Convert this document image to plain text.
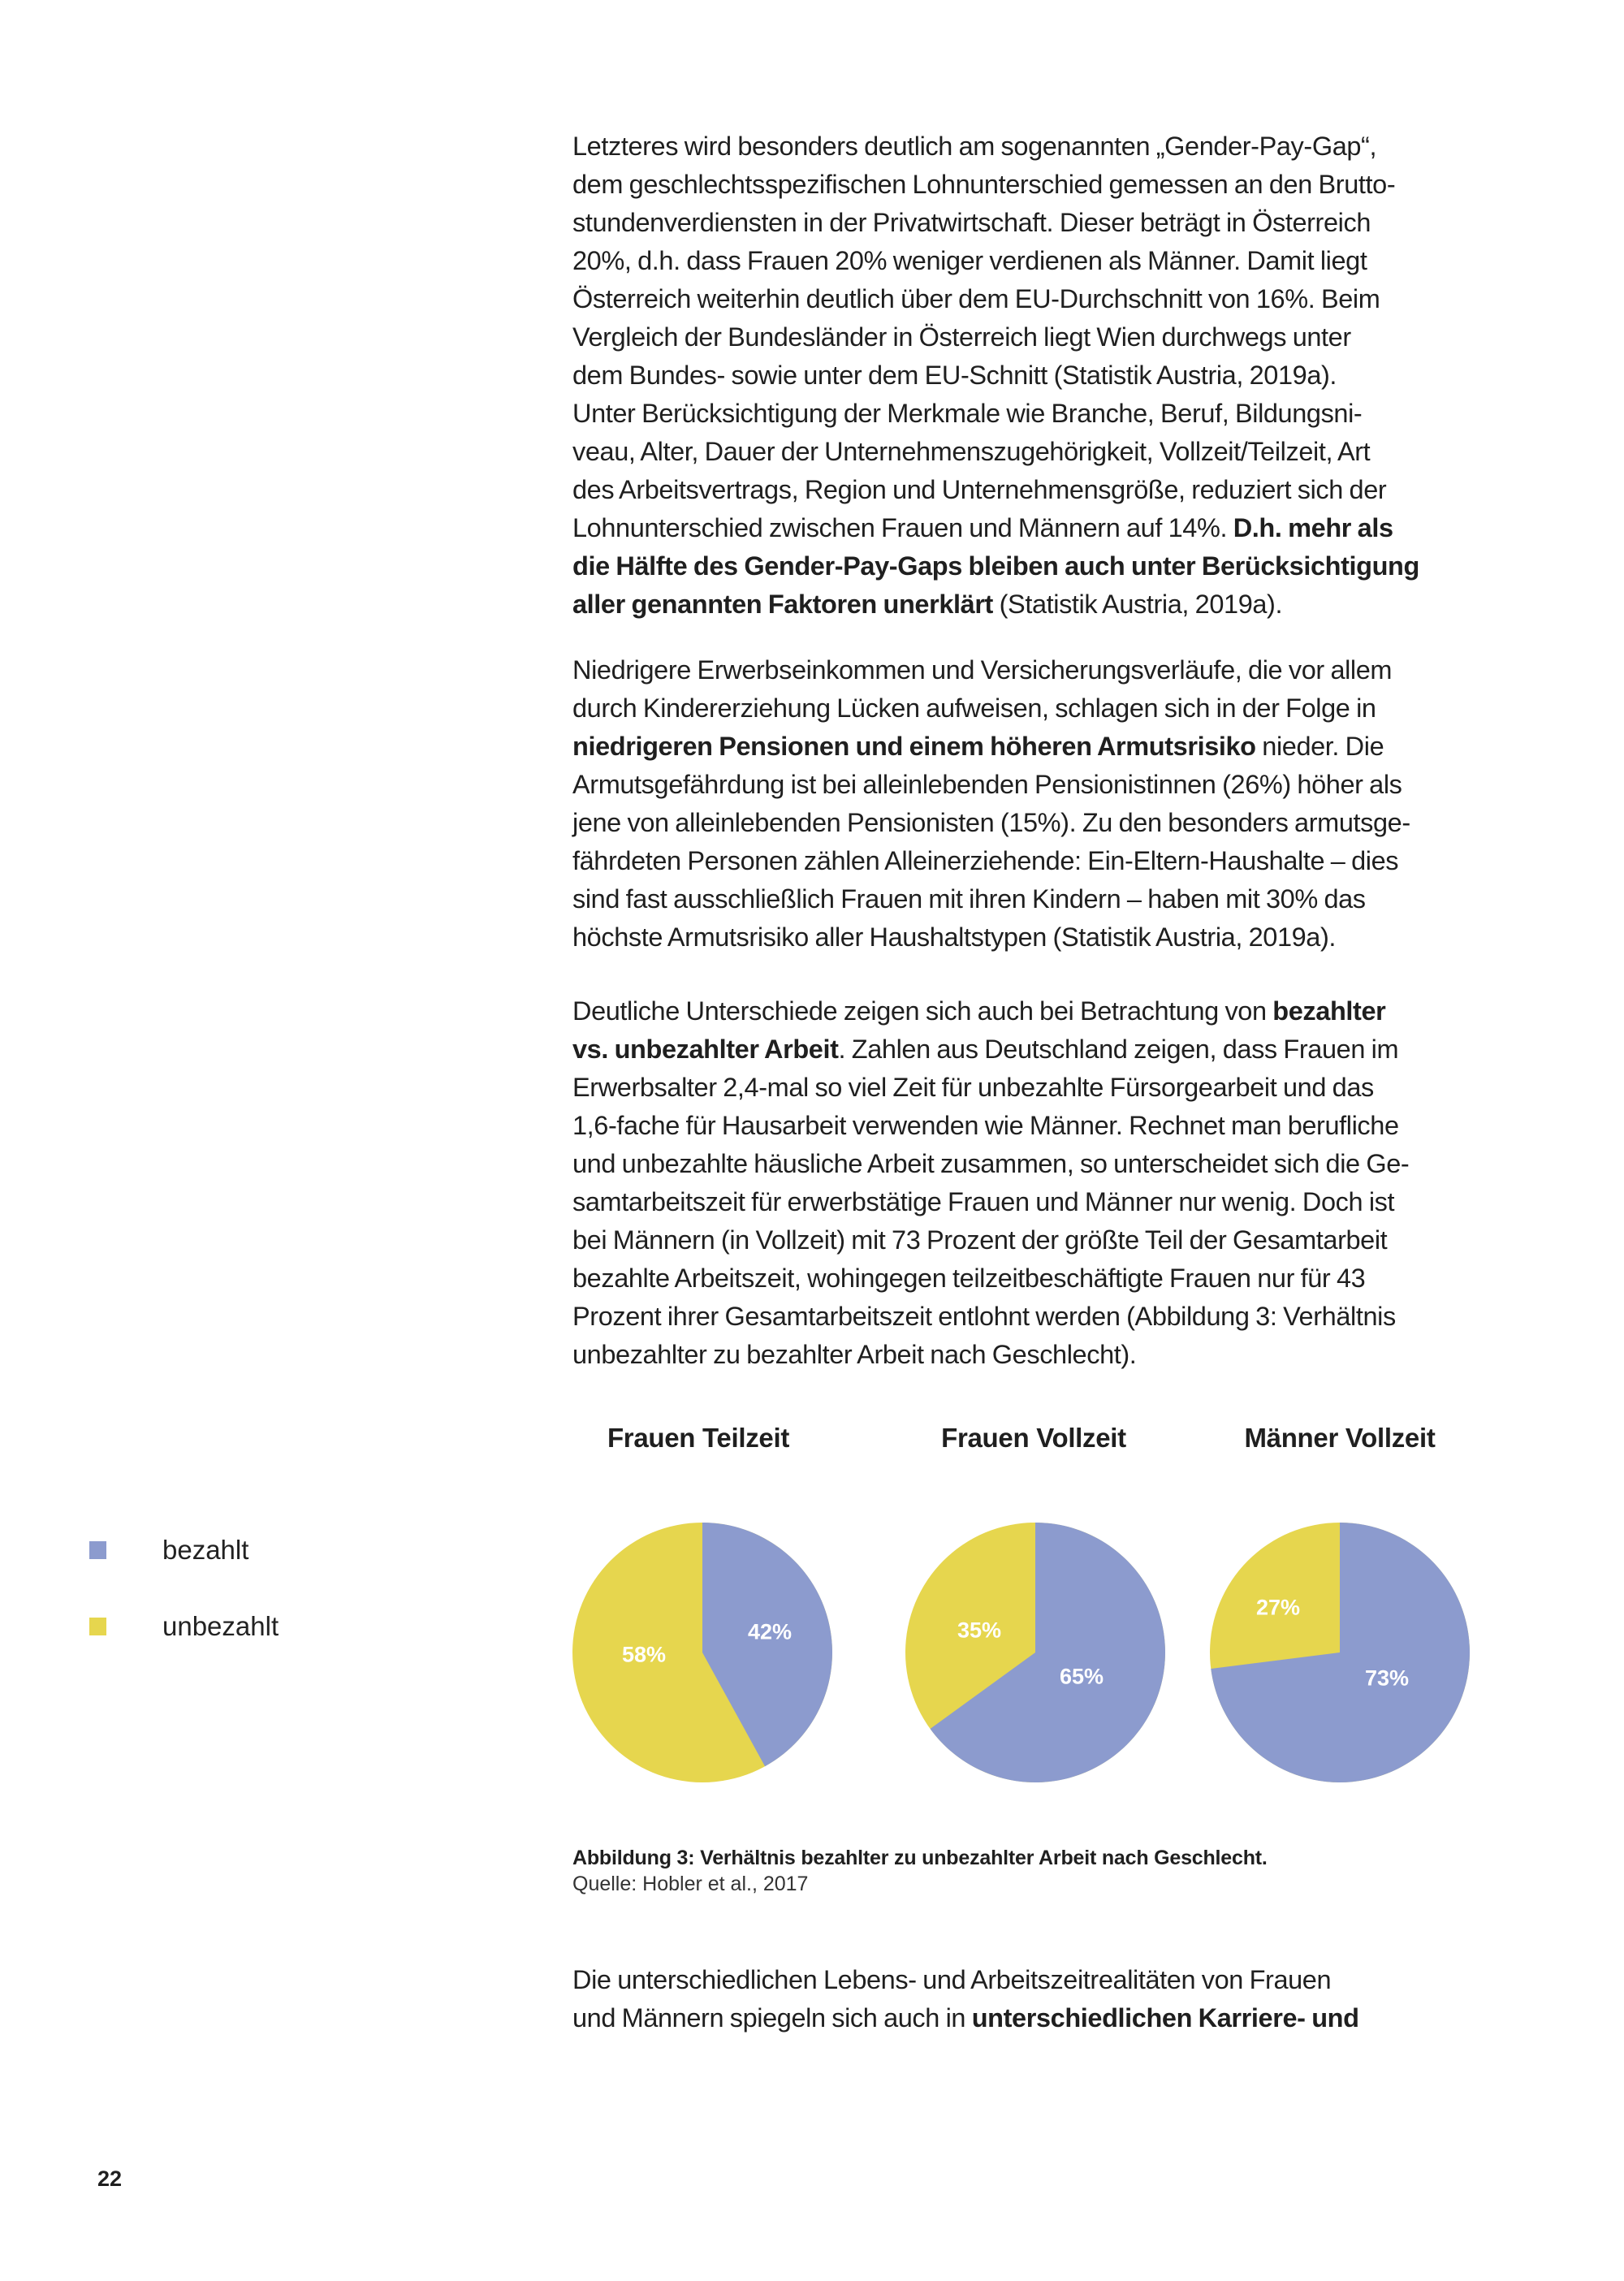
Letzteres wird besonders deutlich am sogenannten „Gender-Pay-Gap“,
dem geschlechtsspezifischen Lohnunterschied gemessen an den Brutto-
stundenverdiensten in der Privatwirtschaft. Dieser beträgt in Österreich
20%, d.h. dass Frauen 20% weniger verdienen als Männer. Damit liegt
Österreich weiterhin deutlich über dem EU-Durchschnitt von 16%. Beim
Vergleich der Bundesländer in Österreich liegt Wien durchwegs unter
dem Bundes- sowie unter dem EU-Schnitt (Statistik Austria, 2019a).
Unter Berücksichtigung der Merkmale wie Branche, Beruf, Bildungsni-
veau, Alter, Dauer der Unternehmenszugehörigkeit, Vollzeit/Teilzeit, Art
des Arbeitsvertrags, Region und Unternehmensgröße, reduziert sich der
Lohnunterschied zwischen Frauen und Männern auf 14%. D.h. mehr als
die Hälfte des Gender-Pay-Gaps bleiben auch unter Berücksichtigung
aller genannten Faktoren unerklärt (Statistik Austria, 2019a).
Niedrigere Erwerbseinkommen und Versicherungsverläufe, die vor allem
durch Kindererziehung Lücken aufweisen, schlagen sich in der Folge in
niedrigeren Pensionen und einem höheren Armutsrisiko nieder. Die
Armutsgefährdung ist bei alleinlebenden Pensionistinnen (26%) höher als
jene von alleinlebenden Pensionisten (15%). Zu den besonders armutsge-
fährdeten Personen zählen Alleinerziehende: Ein-Eltern-Haushalte – dies
sind fast ausschließlich Frauen mit ihren Kindern – haben mit 30% das
höchste Armutsrisiko aller Haushaltstypen (Statistik Austria, 2019a).
Deutliche Unterschiede zeigen sich auch bei Betrachtung von bezahlter
vs. unbezahlter Arbeit. Zahlen aus Deutschland zeigen, dass Frauen im
Erwerbsalter 2,4-mal so viel Zeit für unbezahlte Fürsorgearbeit und das
1,6-fache für Hausarbeit verwenden wie Männer. Rechnet man berufliche
und unbezahlte häusliche Arbeit zusammen, so unterscheidet sich die Ge-
samtarbeitszeit für erwerbstätige Frauen und Männer nur wenig. Doch ist
bei Männern (in Vollzeit) mit 73 Prozent der größte Teil der Gesamtarbeit
bezahlte Arbeitszeit, wohingegen teilzeitbeschäftigte Frauen nur für 43
Prozent ihrer Gesamtarbeitszeit entlohnt werden (Abbildung 3: Verhältnis
unbezahlter zu bezahlter Arbeit nach Geschlecht).
bezahlt
unbezahlt
Frauen Teilzeit	Frauen Vollzeit	Männer Vollzeit
42%
58%
65%
35%
73%
27%
Abbildung 3: Verhältnis bezahlter zu unbezahlter Arbeit nach Geschlecht.
Quelle: Hobler et al., 2017
Die unterschiedlichen Lebens- und Arbeitszeitrealitäten von Frauen
und Männern spiegeln sich auch in unterschiedlichen Karriere- und
22
